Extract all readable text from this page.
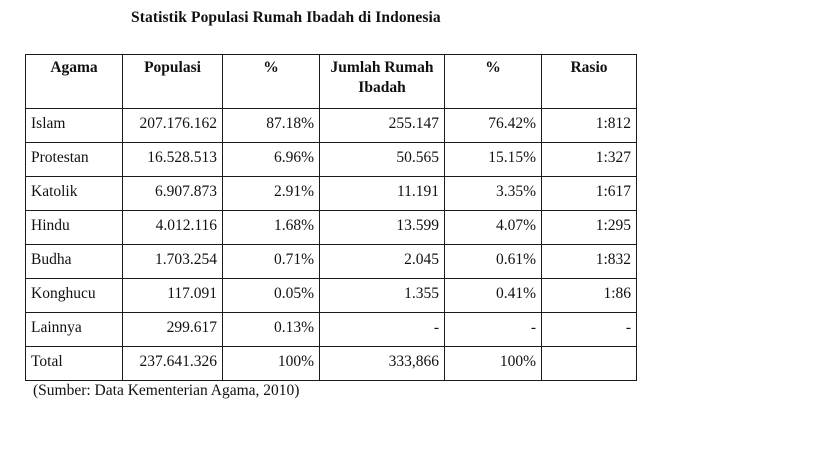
Statistik Populasi Rumah Ibadah di Indonesia
Agama	Populasi	%	Jumlah Rumah Ibadah	%	Rasio
Islam	207.176.162	87.18%	255.147	76.42%	1:812
Protestan	16.528.513	6.96%	50.565	15.15%	1:327
Katolik	6.907.873	2.91%	11.191	3.35%	1:617
Hindu	4.012.116	1.68%	13.599	4.07%	1:295
Budha	1.703.254	0.71%	2.045	0.61%	1:832
Konghucu	117.091	0.05%	1.355	0.41%	1:86
Lainnya	299.617	0.13%	-	-	-
Total	237.641.326	100%	333,866	100%	
(Sumber: Data Kementerian Agama, 2010)
